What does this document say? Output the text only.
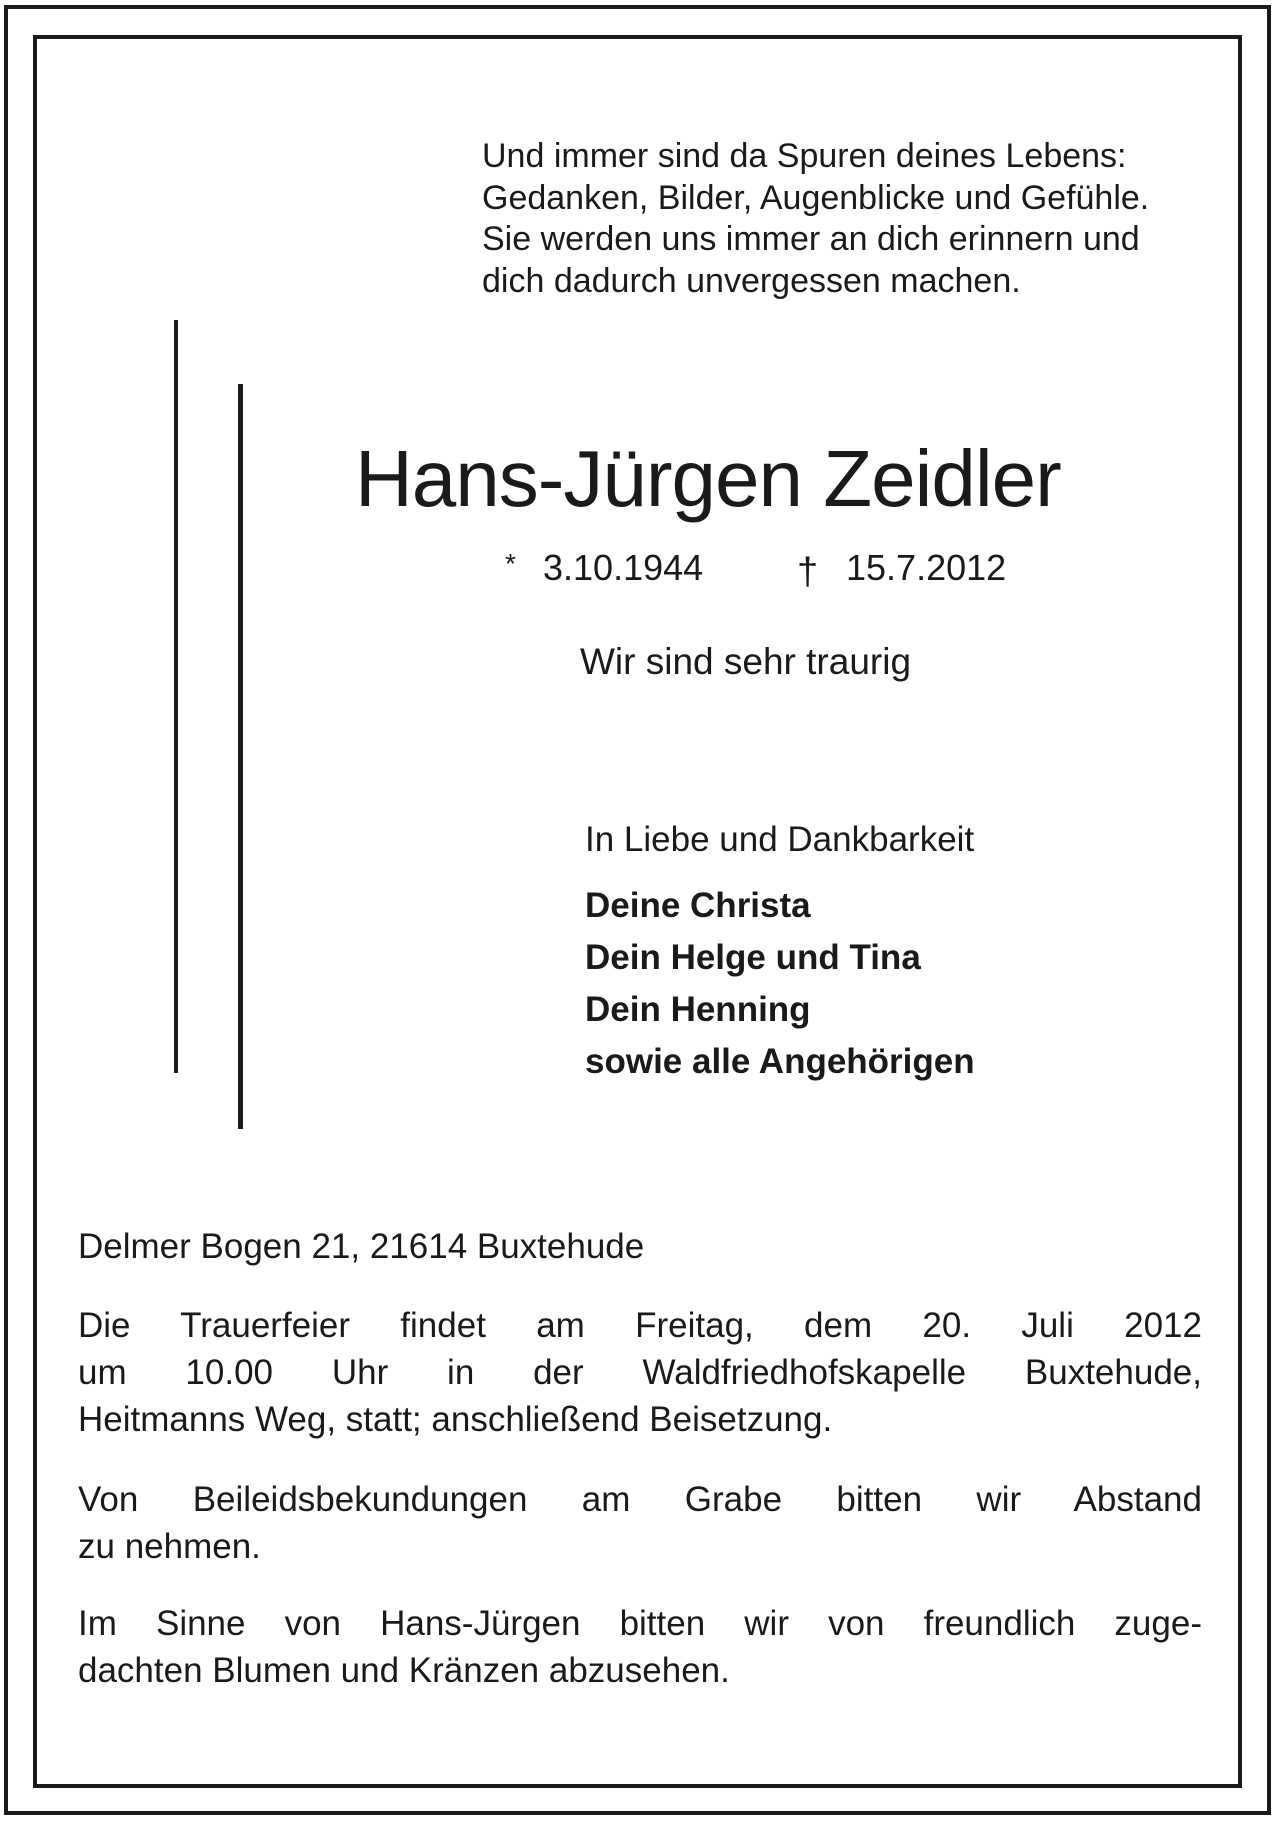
Und immer sind da Spuren deines Lebens:
Gedanken, Bilder, Augenblicke und Gefühle.
Sie werden uns immer an dich erinnern und
dich dadurch unvergessen machen.
Hans-Jürgen Zeidler
* 3.10.1944 † 15.7.2012
Wir sind sehr traurig
In Liebe und Dankbarkeit
Deine Christa
Dein Helge und Tina
Dein Henning
sowie alle Angehörigen
Delmer Bogen 21, 21614 Buxtehude
Die Trauerfeier findet am Freitag, dem 20. Juli 2012
um 10.00 Uhr in der Waldfriedhofskapelle Buxtehude,
Heitmanns Weg, statt; anschließend Beisetzung.
Von Beileidsbekundungen am Grabe bitten wir Abstand
zu nehmen.
Im Sinne von Hans-Jürgen bitten wir von freundlich zuge-
dachten Blumen und Kränzen abzusehen.
